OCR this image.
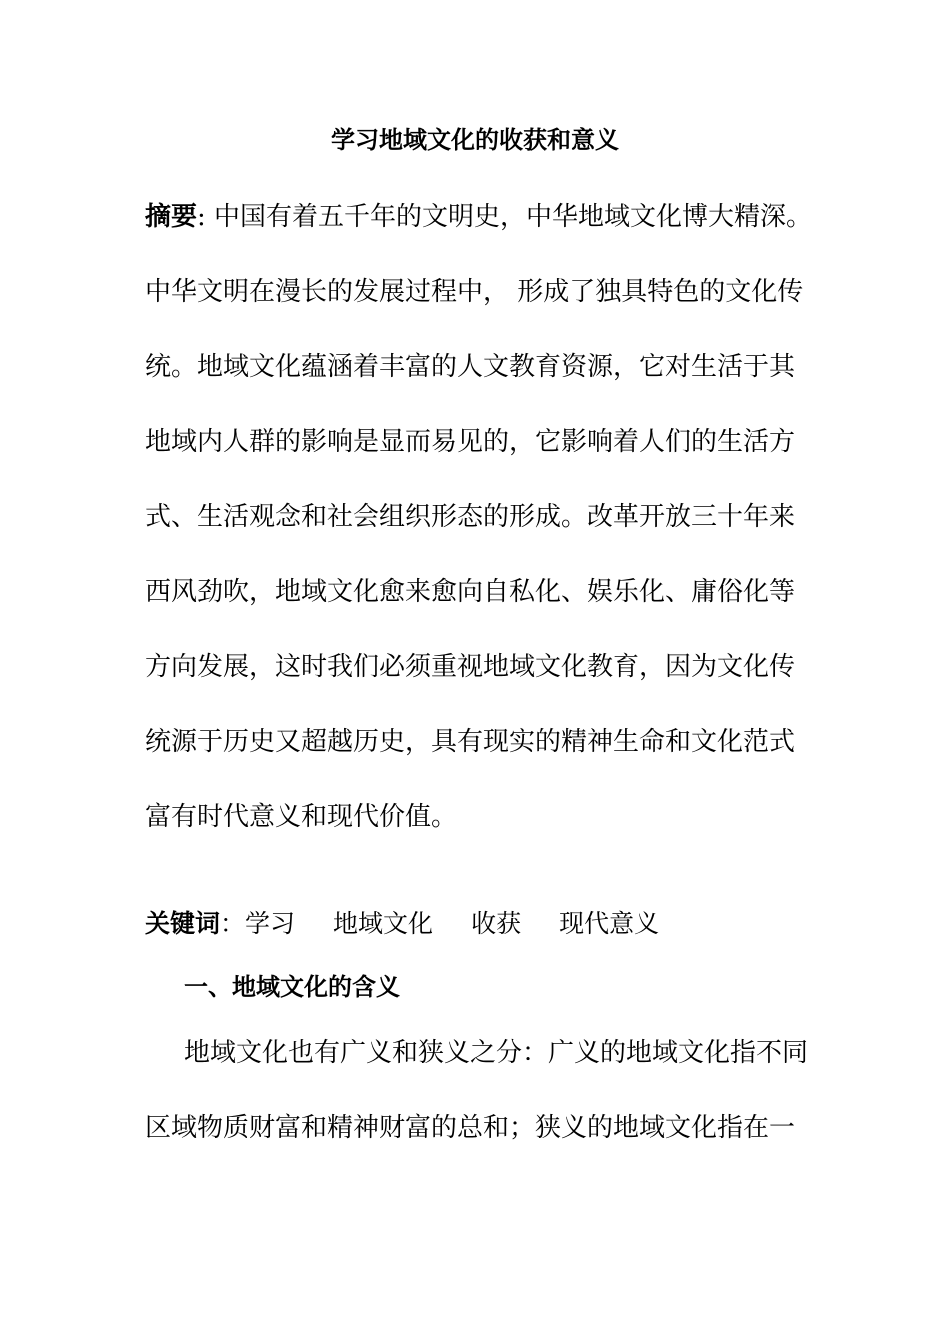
学习地域文化的收获和意义
摘要: 中国有着五千年的文明史，中华地域文化博大精深。
中华文明在漫长的发展过程中， 形成了独具特色的文化传
统。地域文化蕴涵着丰富的人文教育资源，它对生活于其
地域内人群的影响是显而易见的，它影响着人们的生活方
式、生活观念和社会组织形态的形成。改革开放三十年来
西风劲吹，地域文化愈来愈向自私化、娱乐化、庸俗化等
方向发展，这时我们必须重视地域文化教育，因为文化传
统源于历史又超越历史，具有现实的精神生命和文化范式
富有时代意义和现代价值。
关键词：学习 地域文化 收获 现代意义
一、地域文化的含义
地域文化也有广义和狭义之分：广义的地域文化指不同
区域物质财富和精神财富的总和；狭义的地域文化指在一
